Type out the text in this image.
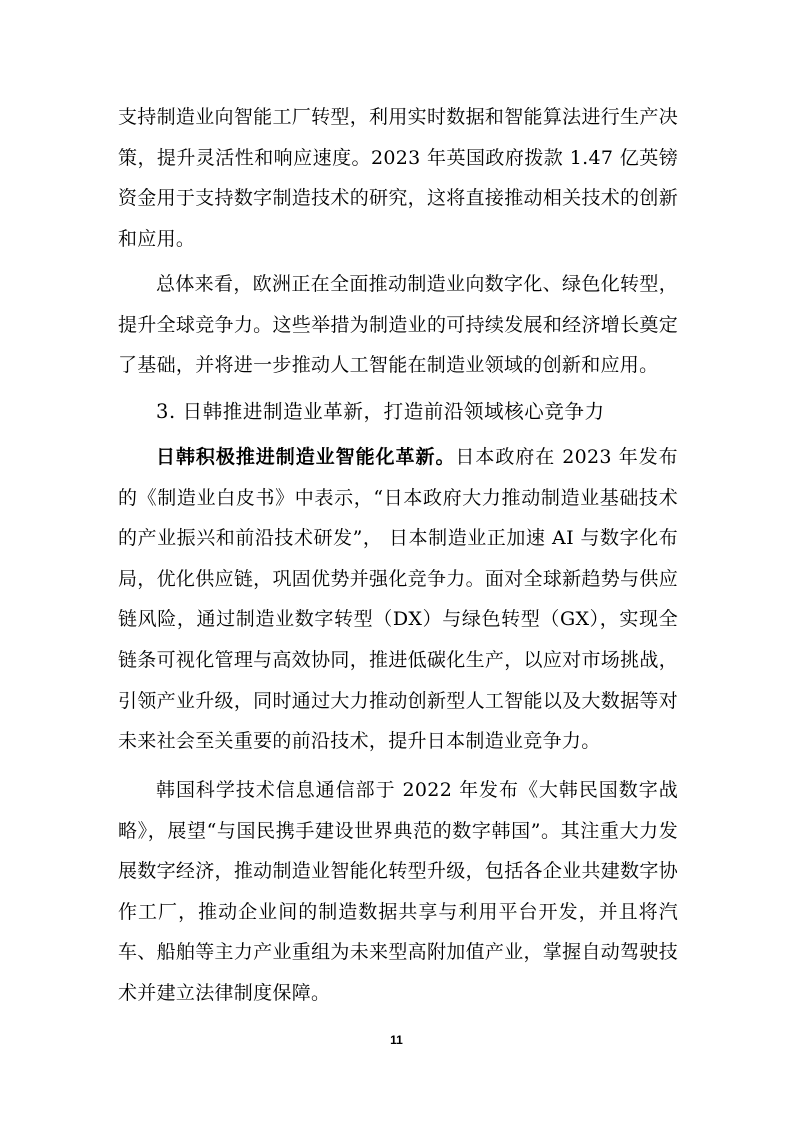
支持制造业向智能工厂转型，利用实时数据和智能算法进行生产决策，提升灵活性和响应速度。2023 年英国政府拨款 1.47 亿英镑资金用于支持数字制造技术的研究，这将直接推动相关技术的创新和应用。

总体来看，欧洲正在全面推动制造业向数字化、绿色化转型，提升全球竞争力。这些举措为制造业的可持续发展和经济增长奠定了基础，并将进一步推动人工智能在制造业领域的创新和应用。

3. 日韩推进制造业革新，打造前沿领域核心竞争力

日韩积极推进制造业智能化革新。日本政府在 2023 年发布的《制造业白皮书》中表示，“日本政府大力推动制造业基础技术的产业振兴和前沿技术研发”， 日本制造业正加速 AI 与数字化布局，优化供应链，巩固优势并强化竞争力。面对全球新趋势与供应链风险，通过制造业数字转型（DX）与绿色转型（GX），实现全链条可视化管理与高效协同，推进低碳化生产，以应对市场挑战，引领产业升级，同时通过大力推动创新型人工智能以及大数据等对未来社会至关重要的前沿技术，提升日本制造业竞争力。

韩国科学技术信息通信部于 2022 年发布《大韩民国数字战略》，展望“与国民携手建设世界典范的数字韩国”。其注重大力发展数字经济，推动制造业智能化转型升级，包括各企业共建数字协作工厂，推动企业间的制造数据共享与利用平台开发，并且将汽车、船舶等主力产业重组为未来型高附加值产业，掌握自动驾驶技术并建立法律制度保障。

11
